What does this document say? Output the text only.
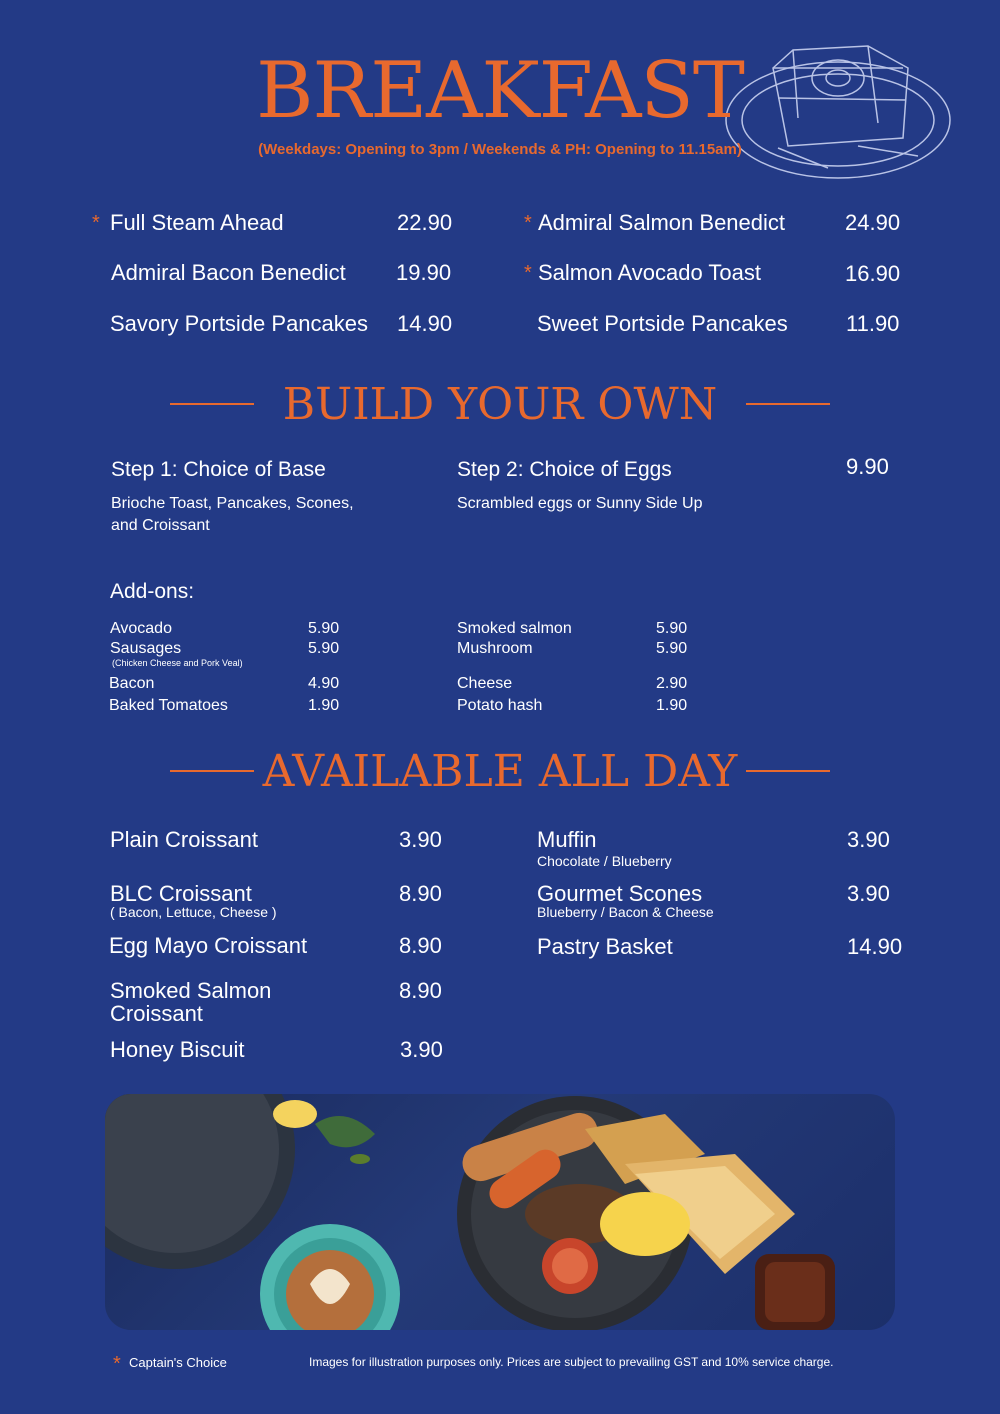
BREAKFAST
(Weekdays: Opening to 3pm / Weekends & PH: Opening to 11.15am)
* Full Steam Ahead	22.90
Admiral Bacon Benedict 19.90
Savory Portside Pancakes 14.90
* Admiral Salmon Benedict	24.90
* Salmon Avocado Toast	16.90
Sweet Portside Pancakes	11.90
BUILD YOUR OWN
Step 1: Choice of Base
Brioche Toast, Pancakes, Scones,
and Croissant
Step 2: Choice of Eggs
Scrambled eggs or Sunny Side Up
9.90
Add-ons:
Avocado	5.90
Sausages	5.90
(Chicken Cheese and Pork Veal)
Bacon	4.90
Baked Tomatoes	1.90
Smoked salmon	5.90
Mushroom	5.90
Cheese	2.90
Potato hash	1.90
AVAILABLE ALL DAY
Plain Croissant	3.90
BLC Croissant
( Bacon, Lettuce, Cheese )
8.90
Egg Mayo Croissant	8.90
Smoked Salmon
Croissant
8.90
Honey Biscuit	3.90
Muffin
Chocolate / Blueberry
3.90
Gourmet Scones
Blueberry / Bacon & Cheese
3.90
Pastry Basket	14.90
* Captain's Choice	Images for illustration purposes only. Prices are subject to prevailing GST and 10% service charge.
